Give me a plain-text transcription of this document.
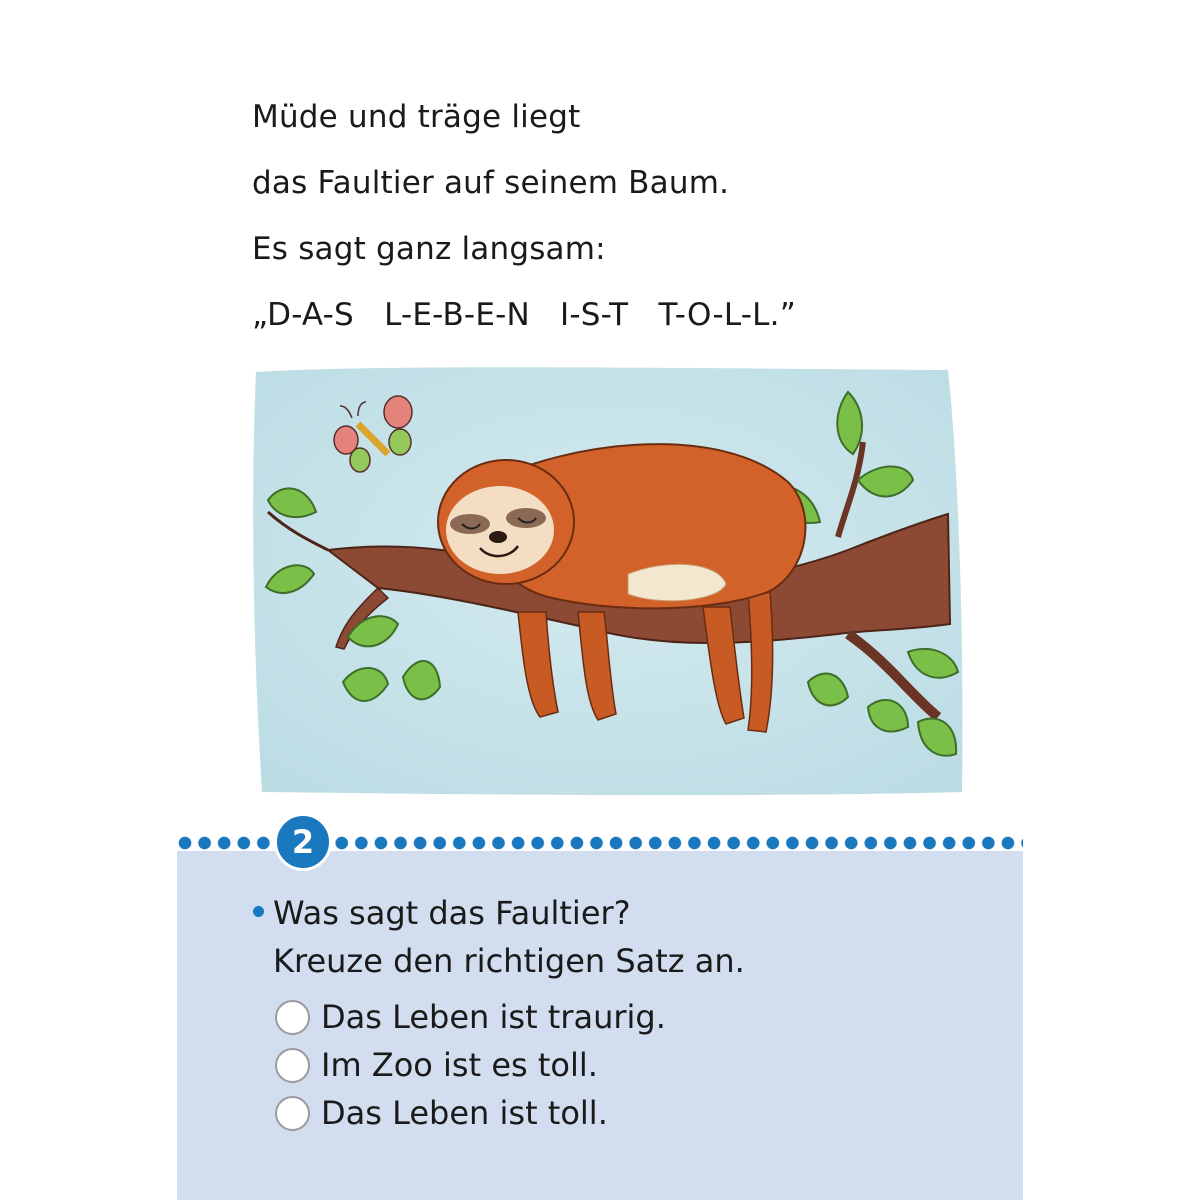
Müde und träge liegt
das Faultier auf seinem Baum.
Es sagt ganz langsam:
„D-A-S   L-E-B-E-N   I-S-T   T-O-L-L.”
2
Was sagt das Faultier?
Kreuze den richtigen Satz an.
Das Leben ist traurig.
Im Zoo ist es toll.
Das Leben ist toll.
